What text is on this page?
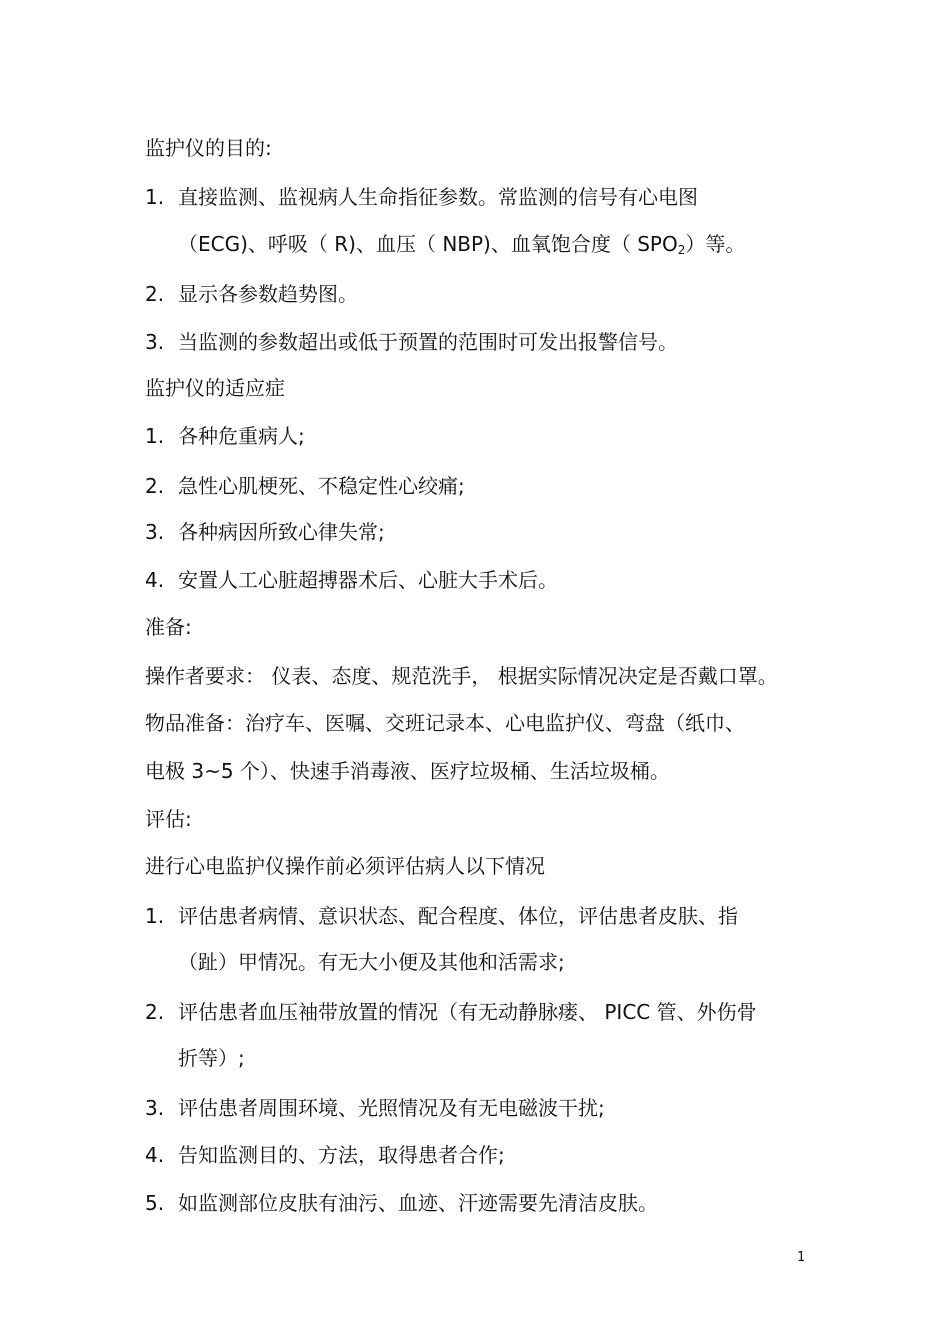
监护仪的目的:
1. 直接监测、监视病人生命指征参数。常监测的信号有心电图
（ECG)、呼吸（ R)、血压（ NBP)、血氧饱合度（ $SPO_2$）等。
2. 显示各参数趋势图。
3. 当监测的参数超出或低于预置的范围时可发出报警信号。
监护仪的适应症
1. 各种危重病人;
2. 急性心肌梗死、不稳定性心绞痛;
3. 各种病因所致心律失常;
4. 安置人工心脏超搏器术后、心脏大手术后。
准备:
操作者要求： 仪表、态度、规范洗手， 根据实际情况决定是否戴口罩。
物品准备：治疗车、医嘱、交班记录本、心电监护仪、弯盘（纸巾、
电极 3~5 个）、快速手消毒液、医疗垃圾桶、生活垃圾桶。
评估:
进行心电监护仪操作前必须评估病人以下情况
1. 评估患者病情、意识状态、配合程度、体位，评估患者皮肤、指
（趾）甲情况。有无大小便及其他和活需求;
2. 评估患者血压袖带放置的情况（有无动静脉瘘、 PICC 管、外伤骨
折等）;
3. 评估患者周围环境、光照情况及有无电磁波干扰;
4. 告知监测目的、方法，取得患者合作;
5. 如监测部位皮肤有油污、血迹、汗迹需要先清洁皮肤。
1
